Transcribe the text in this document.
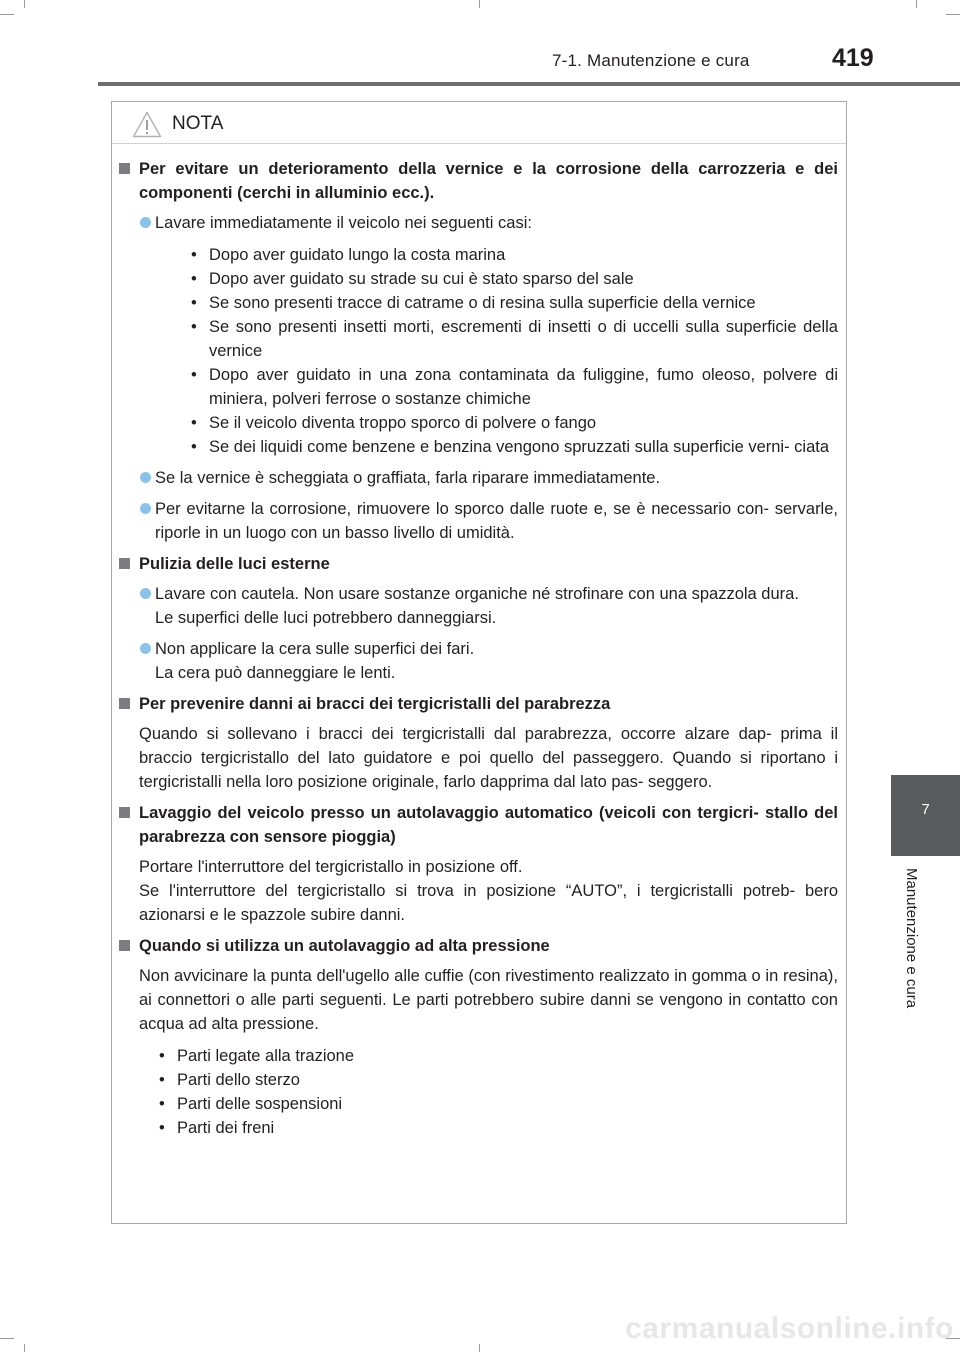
7-1. Manutenzione e cura	419
7
Manutenzione e cura
NOTA
Per evitare un deterioramento della vernice e la corrosione della carrozzeria e dei componenti (cerchi in alluminio ecc.).
Lavare immediatamente il veicolo nei seguenti casi:
• Dopo aver guidato lungo la costa marina
• Dopo aver guidato su strade su cui è stato sparso del sale
• Se sono presenti tracce di catrame o di resina sulla superficie della vernice
• Se sono presenti insetti morti, escrementi di insetti o di uccelli sulla superficie della vernice
• Dopo aver guidato in una zona contaminata da fuliggine, fumo oleoso, polvere di miniera, polveri ferrose o sostanze chimiche
• Se il veicolo diventa troppo sporco di polvere o fango
• Se dei liquidi come benzene e benzina vengono spruzzati sulla superficie verni- ciata
Se la vernice è scheggiata o graffiata, farla riparare immediatamente.
Per evitarne la corrosione, rimuovere lo sporco dalle ruote e, se è necessario con- servarle, riporle in un luogo con un basso livello di umidità.
Pulizia delle luci esterne
Lavare con cautela. Non usare sostanze organiche né strofinare con una spazzola dura.
Le superfici delle luci potrebbero danneggiarsi.
Non applicare la cera sulle superfici dei fari.
La cera può danneggiare le lenti.
Per prevenire danni ai bracci dei tergicristalli del parabrezza
Quando si sollevano i bracci dei tergicristalli dal parabrezza, occorre alzare dap- prima il braccio tergicristallo del lato guidatore e poi quello del passeggero. Quando si riportano i tergicristalli nella loro posizione originale, farlo dapprima dal lato pas- seggero.
Lavaggio del veicolo presso un autolavaggio automatico (veicoli con tergicri- stallo del parabrezza con sensore pioggia)
Portare l'interruttore del tergicristallo in posizione off.
Se l'interruttore del tergicristallo si trova in posizione “AUTO”, i tergicristalli potreb- bero azionarsi e le spazzole subire danni.
Quando si utilizza un autolavaggio ad alta pressione
Non avvicinare la punta dell'ugello alle cuffie (con rivestimento realizzato in gomma o in resina), ai connettori o alle parti seguenti. Le parti potrebbero subire danni se vengono in contatto con acqua ad alta pressione.
• Parti legate alla trazione
• Parti dello sterzo
• Parti delle sospensioni
• Parti dei freni
carmanualsonline.info
